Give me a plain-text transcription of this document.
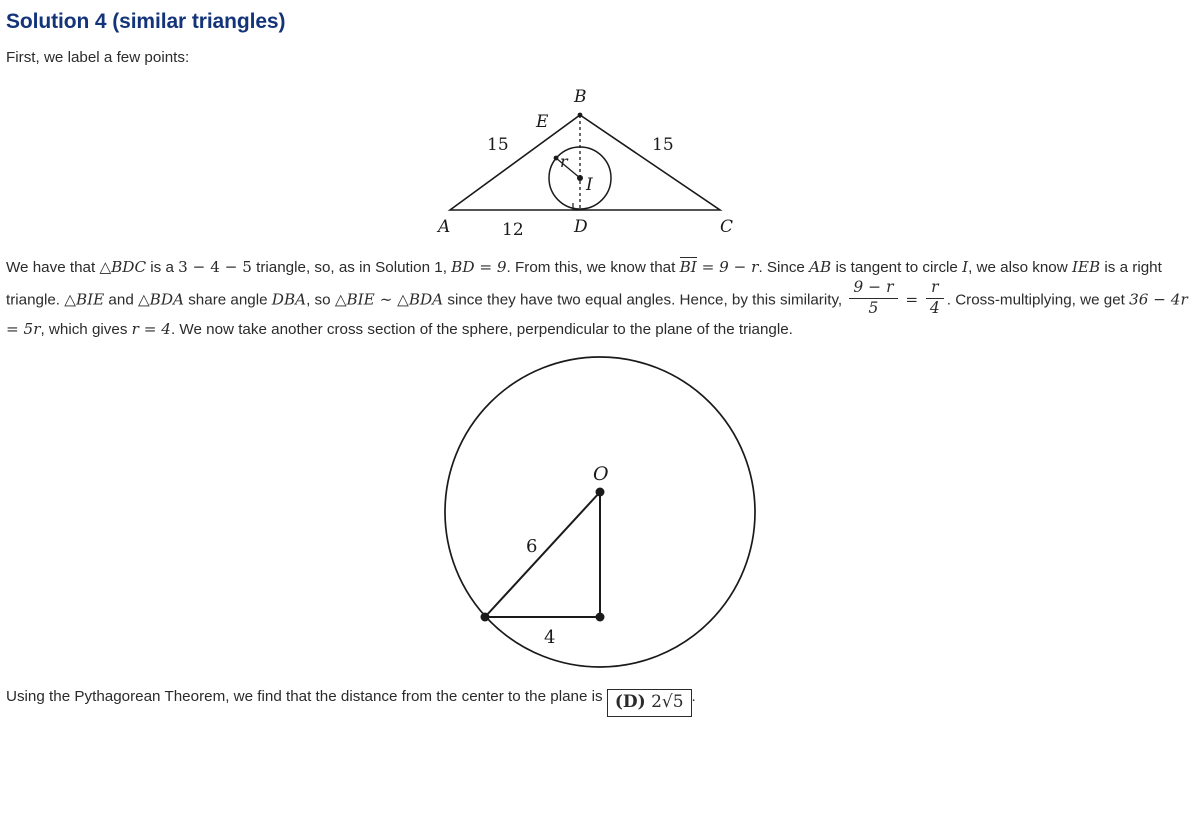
Solution 4 (similar triangles)

First, we label a few points:

B
E
I
A	C
D
r
15	15
12

We have that △BDC is a 3 − 4 − 5 triangle, so, as in Solution 1, BD = 9. From this, we know that BI = 9 − r. Since AB is tangent to circle I, we also know IEB is a right triangle. △BIE and △BDA share angle DBA, so △BIE ∼ △BDA since they have two equal angles. Hence, by this similarity, $\frac{9 - r}{5} = \frac{r}{4}$ . Cross-multiplying, we get 36 − 4r = 5r, which gives r = 4. We now take another cross section of the sphere, perpendicular to the plane of the triangle.

O
6
4

Using the Pythagorean Theorem, we find that the distance from the center to the plane is (D) 2√5 .
